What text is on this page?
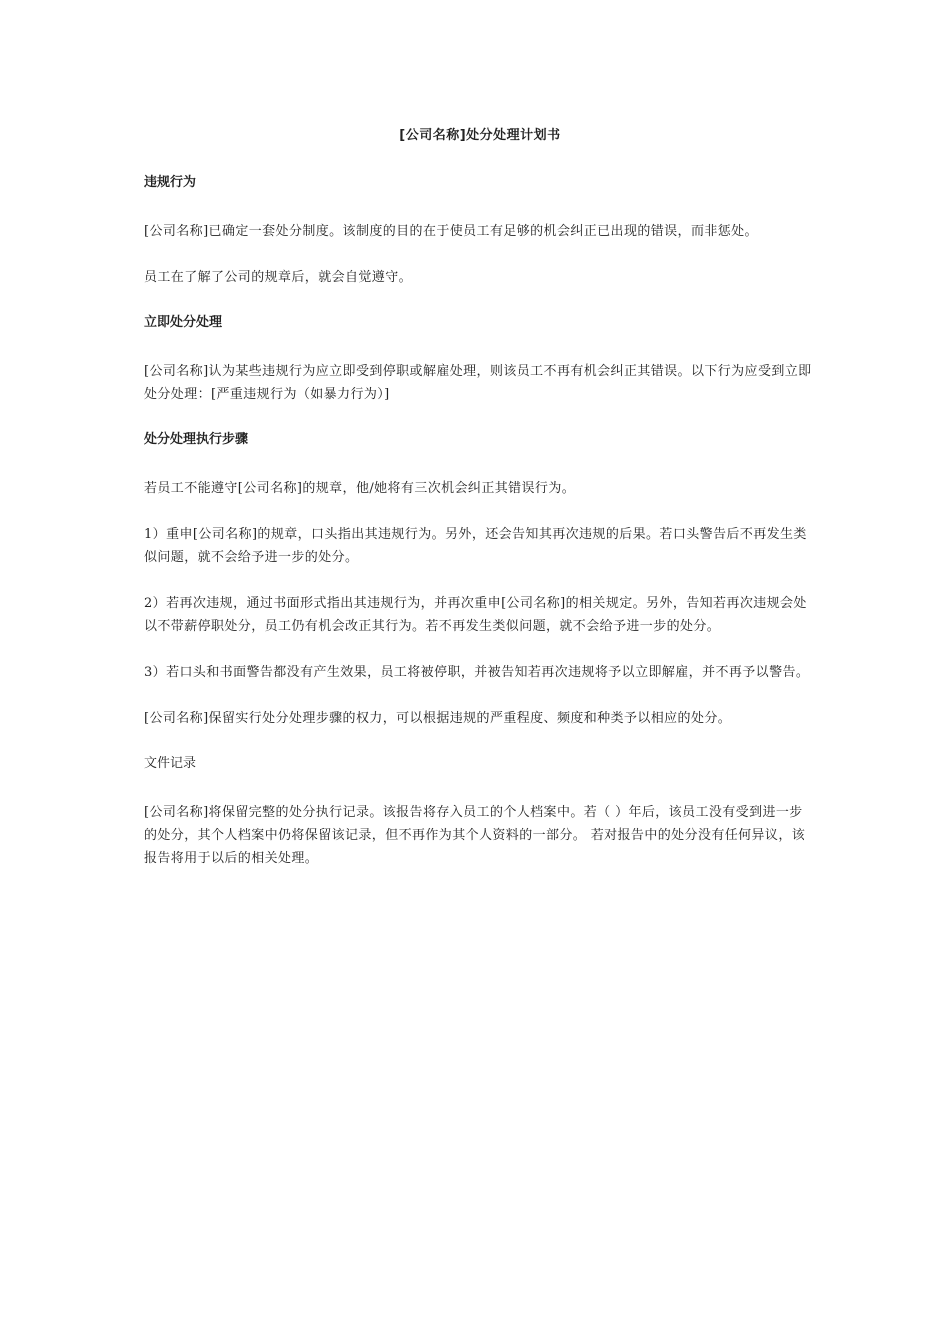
[公司名称]处分处理计划书
违规行为
[公司名称]已确定一套处分制度。该制度的目的在于使员工有足够的机会纠正已出现的错误，而非惩处。
员工在了解了公司的规章后，就会自觉遵守。
立即处分处理
[公司名称]认为某些违规行为应立即受到停职或解雇处理，则该员工不再有机会纠正其错误。以下行为应受到立即处分处理：[严重违规行为（如暴力行为）]
处分处理执行步骤
若员工不能遵守[公司名称]的规章，他/她将有三次机会纠正其错误行为。
1）重申[公司名称]的规章，口头指出其违规行为。另外，还会告知其再次违规的后果。若口头警告后不再发生类似问题，就不会给予进一步的处分。
2）若再次违规，通过书面形式指出其违规行为，并再次重申[公司名称]的相关规定。另外，告知若再次违规会处以不带薪停职处分，员工仍有机会改正其行为。若不再发生类似问题，就不会给予进一步的处分。
3）若口头和书面警告都没有产生效果，员工将被停职，并被告知若再次违规将予以立即解雇，并不再予以警告。
[公司名称]保留实行处分处理步骤的权力，可以根据违规的严重程度、频度和种类予以相应的处分。
文件记录
[公司名称]将保留完整的处分执行记录。该报告将存入员工的个人档案中。若（ ）年后，该员工没有受到进一步的处分，其个人档案中仍将保留该记录，但不再作为其个人资料的一部分。 若对报告中的处分没有任何异议，该报告将用于以后的相关处理。
